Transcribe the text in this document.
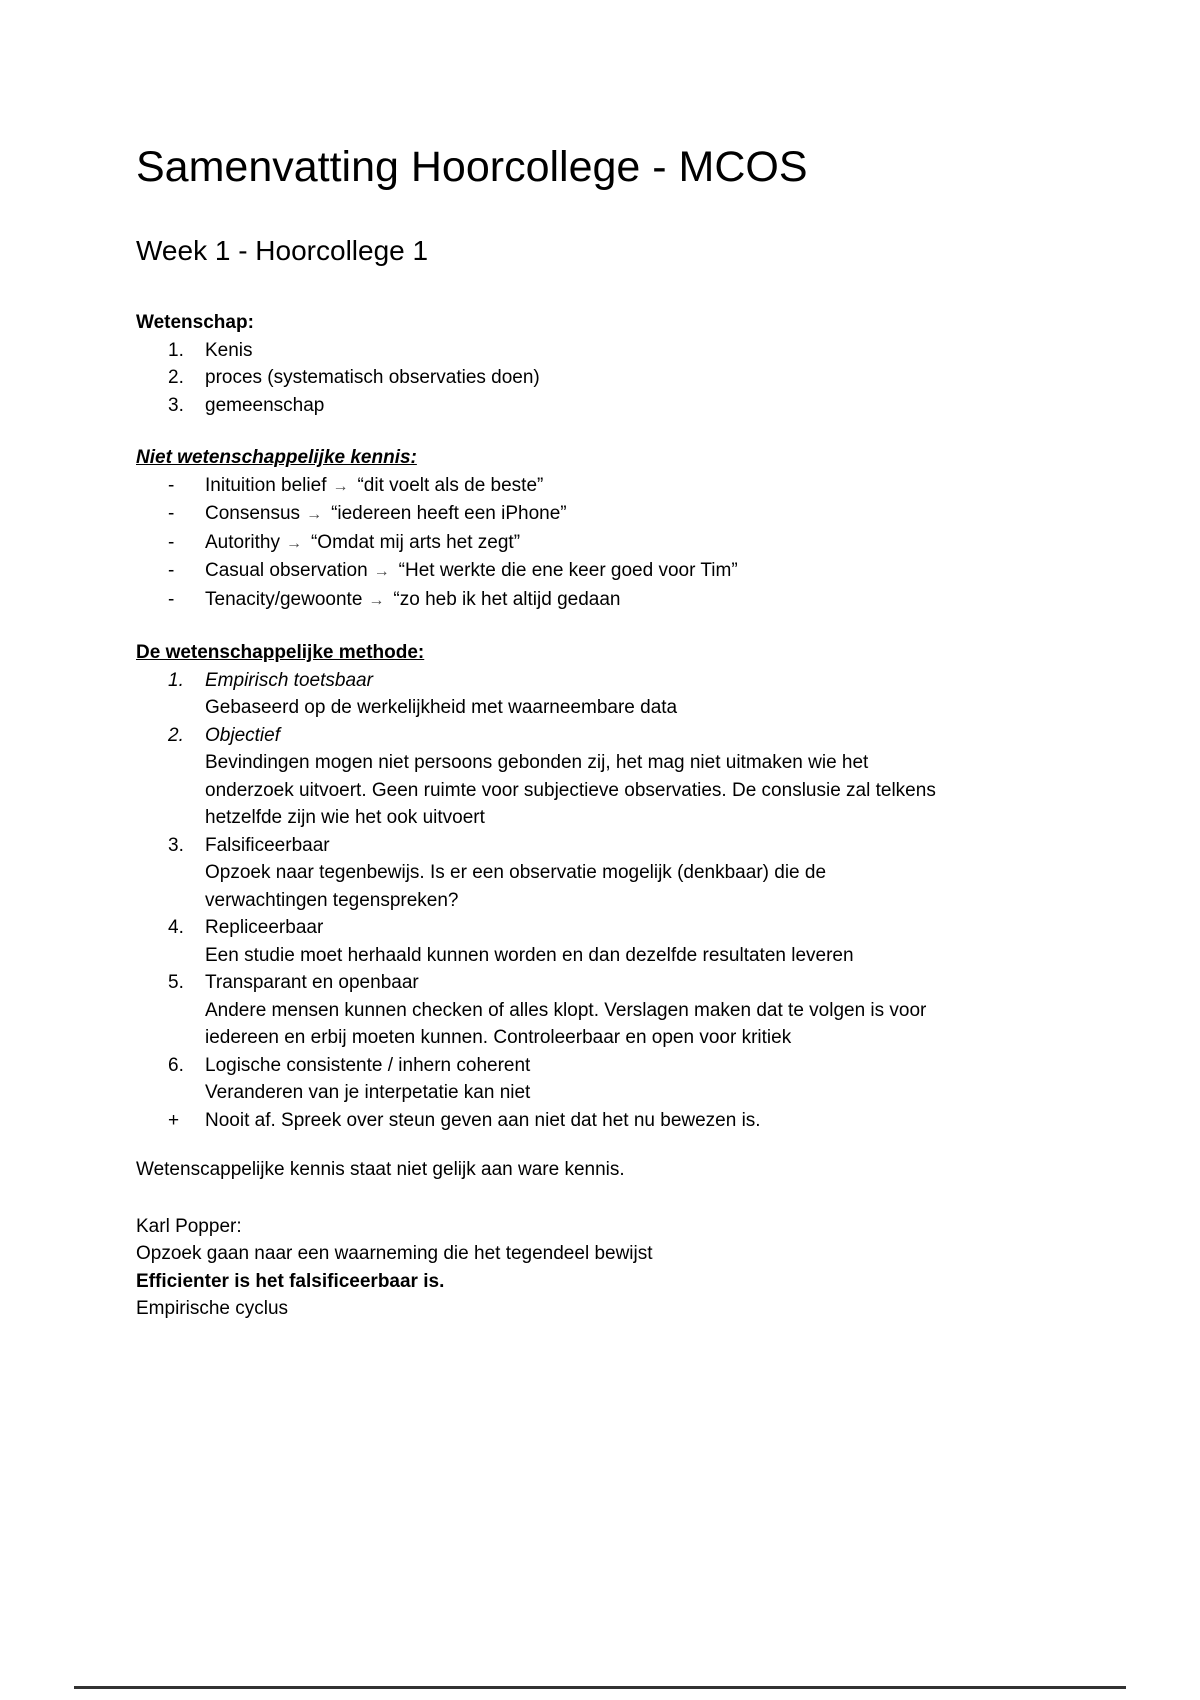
Samenvatting Hoorcollege - MCOS
Week 1 - Hoorcollege 1
Wetenschap:
1.	Kenis
2.	proces (systematisch observaties doen)
3.	gemeenschap
Niet wetenschappelijke kennis:
-	Inituition belief → “dit voelt als de beste”
-	Consensus → “iedereen heeft een iPhone”
-	Autorithy → “Omdat mij arts het zegt”
-	Casual observation → “Het werkte die ene keer goed voor Tim”
-	Tenacity/gewoonte → “zo heb ik het altijd gedaan
De wetenschappelijke methode:
1.	Empirisch toetsbaar
Gebaseerd op de werkelijkheid met waarneembare data
2.	Objectief
Bevindingen mogen niet persoons gebonden zij, het mag niet uitmaken wie het onderzoek uitvoert. Geen ruimte voor subjectieve observaties. De conslusie zal telkens hetzelfde zijn wie het ook uitvoert
3.	Falsificeerbaar
Opzoek naar tegenbewijs. Is er een observatie mogelijk (denkbaar) die de verwachtingen tegenspreken?
4.	Repliceerbaar
Een studie moet herhaald kunnen worden en dan dezelfde resultaten leveren
5.	Transparant en openbaar
Andere mensen kunnen checken of alles klopt. Verslagen maken dat te volgen is voor iedereen en erbij moeten kunnen. Controleerbaar en open voor kritiek
6.	Logische consistente / inhern coherent
Veranderen van je interpetatie kan niet
+	Nooit af. Spreek over steun geven aan niet dat het nu bewezen is.

Wetenscappelijke kennis staat niet gelijk aan ware kennis.

Karl Popper:

Opzoek gaan naar een waarneming die het tegendeel bewijst

Efficienter is het falsificeerbaar is.

Empirische cyclus
